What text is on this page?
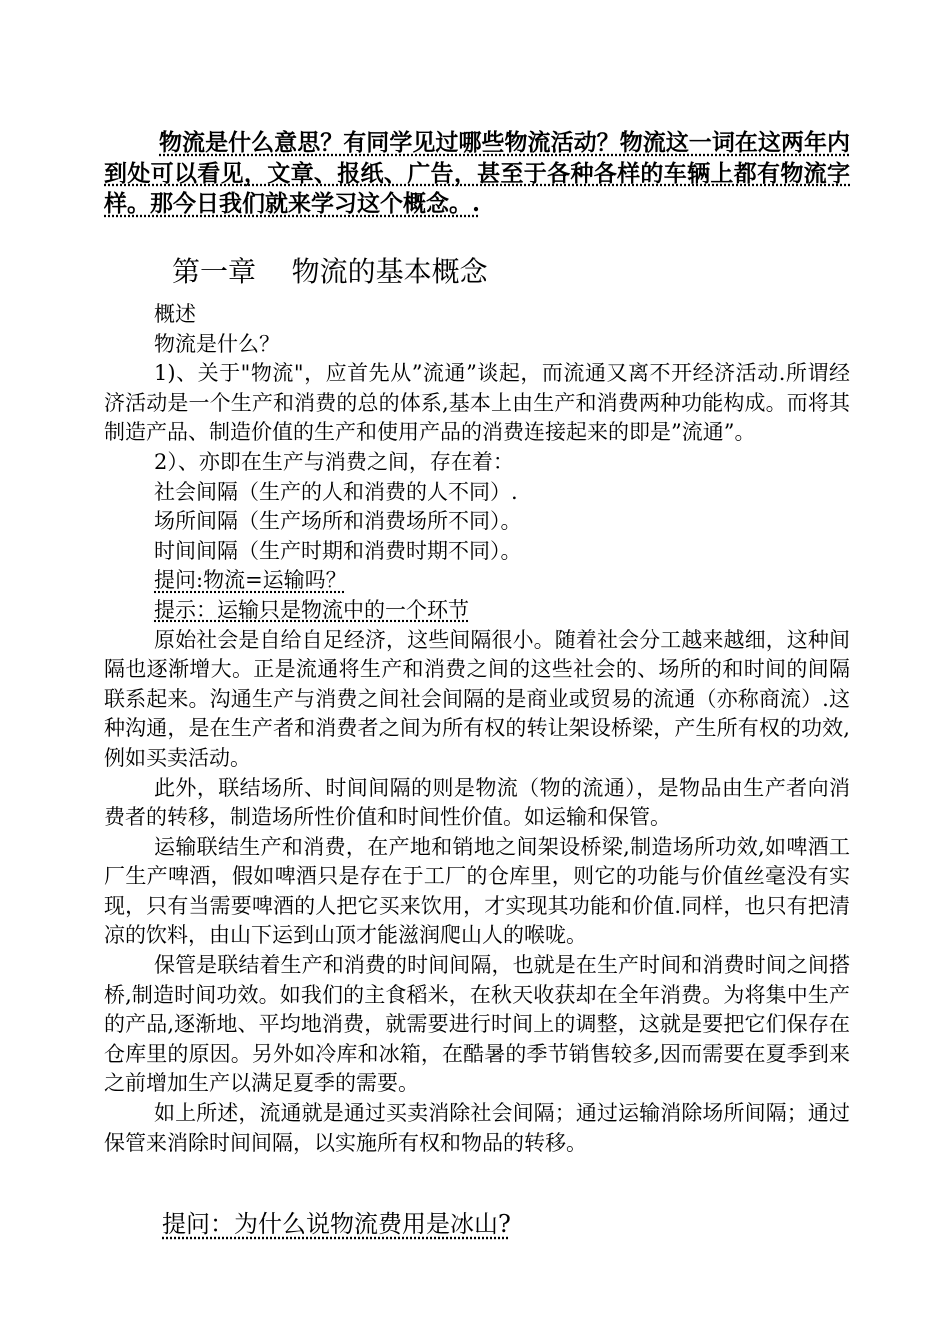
物流是什么意思？有同学见过哪些物流活动？物流这一词在这两年内到处可以看见，文章、报纸、广告，甚至于各种各样的车辆上都有物流字样。那今日我们就来学习这个概念。.
第一章    物流的基本概念
概述
物流是什么？
1)、关于"物流"，应首先从”流通”谈起，而流通又离不开经济活动.所谓经济活动是一个生产和消费的总的体系,基本上由生产和消费两种功能构成。而将其制造产品、制造价值的生产和使用产品的消费连接起来的即是”流通”。
2）、亦即在生产与消费之间，存在着：
社会间隔（生产的人和消费的人不同）.
场所间隔（生产场所和消费场所不同）。
时间间隔（生产时期和消费时期不同）。
提问:物流=运输吗？
提示：运输只是物流中的一个环节
原始社会是自给自足经济，这些间隔很小。随着社会分工越来越细，这种间隔也逐渐增大。正是流通将生产和消费之间的这些社会的、场所的和时间的间隔联系起来。沟通生产与消费之间社会间隔的是商业或贸易的流通（亦称商流）.这种沟通，是在生产者和消费者之间为所有权的转让架设桥梁，产生所有权的功效,例如买卖活动。
此外，联结场所、时间间隔的则是物流（物的流通），是物品由生产者向消费者的转移，制造场所性价值和时间性价值。如运输和保管。
运输联结生产和消费，在产地和销地之间架设桥梁,制造场所功效,如啤酒工厂生产啤酒，假如啤酒只是存在于工厂的仓库里，则它的功能与价值丝毫没有实现，只有当需要啤酒的人把它买来饮用，才实现其功能和价值.同样，也只有把清凉的饮料，由山下运到山顶才能滋润爬山人的喉咙。
保管是联结着生产和消费的时间间隔，也就是在生产时间和消费时间之间搭桥,制造时间功效。如我们的主食稻米，在秋天收获却在全年消费。为将集中生产的产品,逐渐地、平均地消费，就需要进行时间上的调整，这就是要把它们保存在仓库里的原因。另外如冷库和冰箱，在酷暑的季节销售较多,因而需要在夏季到来之前增加生产以满足夏季的需要。
如上所述，流通就是通过买卖消除社会间隔；通过运输消除场所间隔；通过保管来消除时间间隔，以实施所有权和物品的转移。
提问：为什么说物流费用是冰山?
